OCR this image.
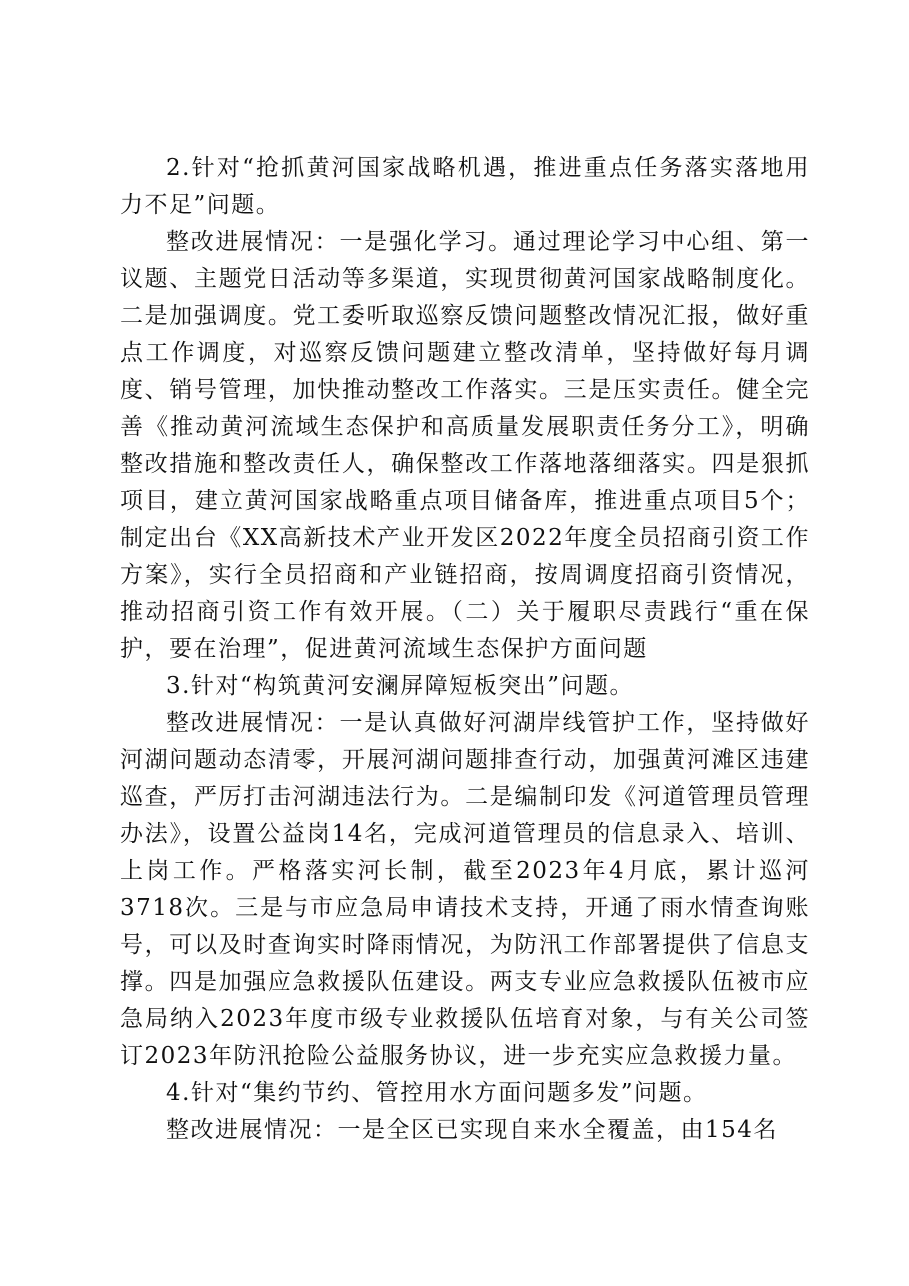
2.针对“抢抓黄河国家战略机遇，推进重点任务落实落地用力不足”问题。

整改进展情况：一是强化学习。通过理论学习中心组、第一议题、主题党日活动等多渠道，实现贯彻黄河国家战略制度化。二是加强调度。党工委听取巡察反馈问题整改情况汇报，做好重点工作调度，对巡察反馈问题建立整改清单，坚持做好每月调度、销号管理，加快推动整改工作落实。三是压实责任。健全完善《推动黄河流域生态保护和高质量发展职责任务分工》，明确整改措施和整改责任人，确保整改工作落地落细落实。四是狠抓项目，建立黄河国家战略重点项目储备库，推进重点项目5个；制定出台《XX高新技术产业开发区2022年度全员招商引资工作方案》，实行全员招商和产业链招商，按周调度招商引资情况，推动招商引资工作有效开展。（二）关于履职尽责践行“重在保护，要在治理”，促进黄河流域生态保护方面问题

3.针对“构筑黄河安澜屏障短板突出”问题。

整改进展情况：一是认真做好河湖岸线管护工作，坚持做好河湖问题动态清零，开展河湖问题排查行动，加强黄河滩区违建巡查，严厉打击河湖违法行为。二是编制印发《河道管理员管理办法》，设置公益岗14名，完成河道管理员的信息录入、培训、上岗工作。严格落实河长制，截至2023年4月底，累计巡河3718次。三是与市应急局申请技术支持，开通了雨水情查询账号，可以及时查询实时降雨情况，为防汛工作部署提供了信息支撑。四是加强应急救援队伍建设。两支专业应急救援队伍被市应急局纳入2023年度市级专业救援队伍培育对象，与有关公司签订2023年防汛抢险公益服务协议，进一步充实应急救援力量。

4.针对“集约节约、管控用水方面问题多发”问题。

整改进展情况：一是全区已实现自来水全覆盖，由154名
